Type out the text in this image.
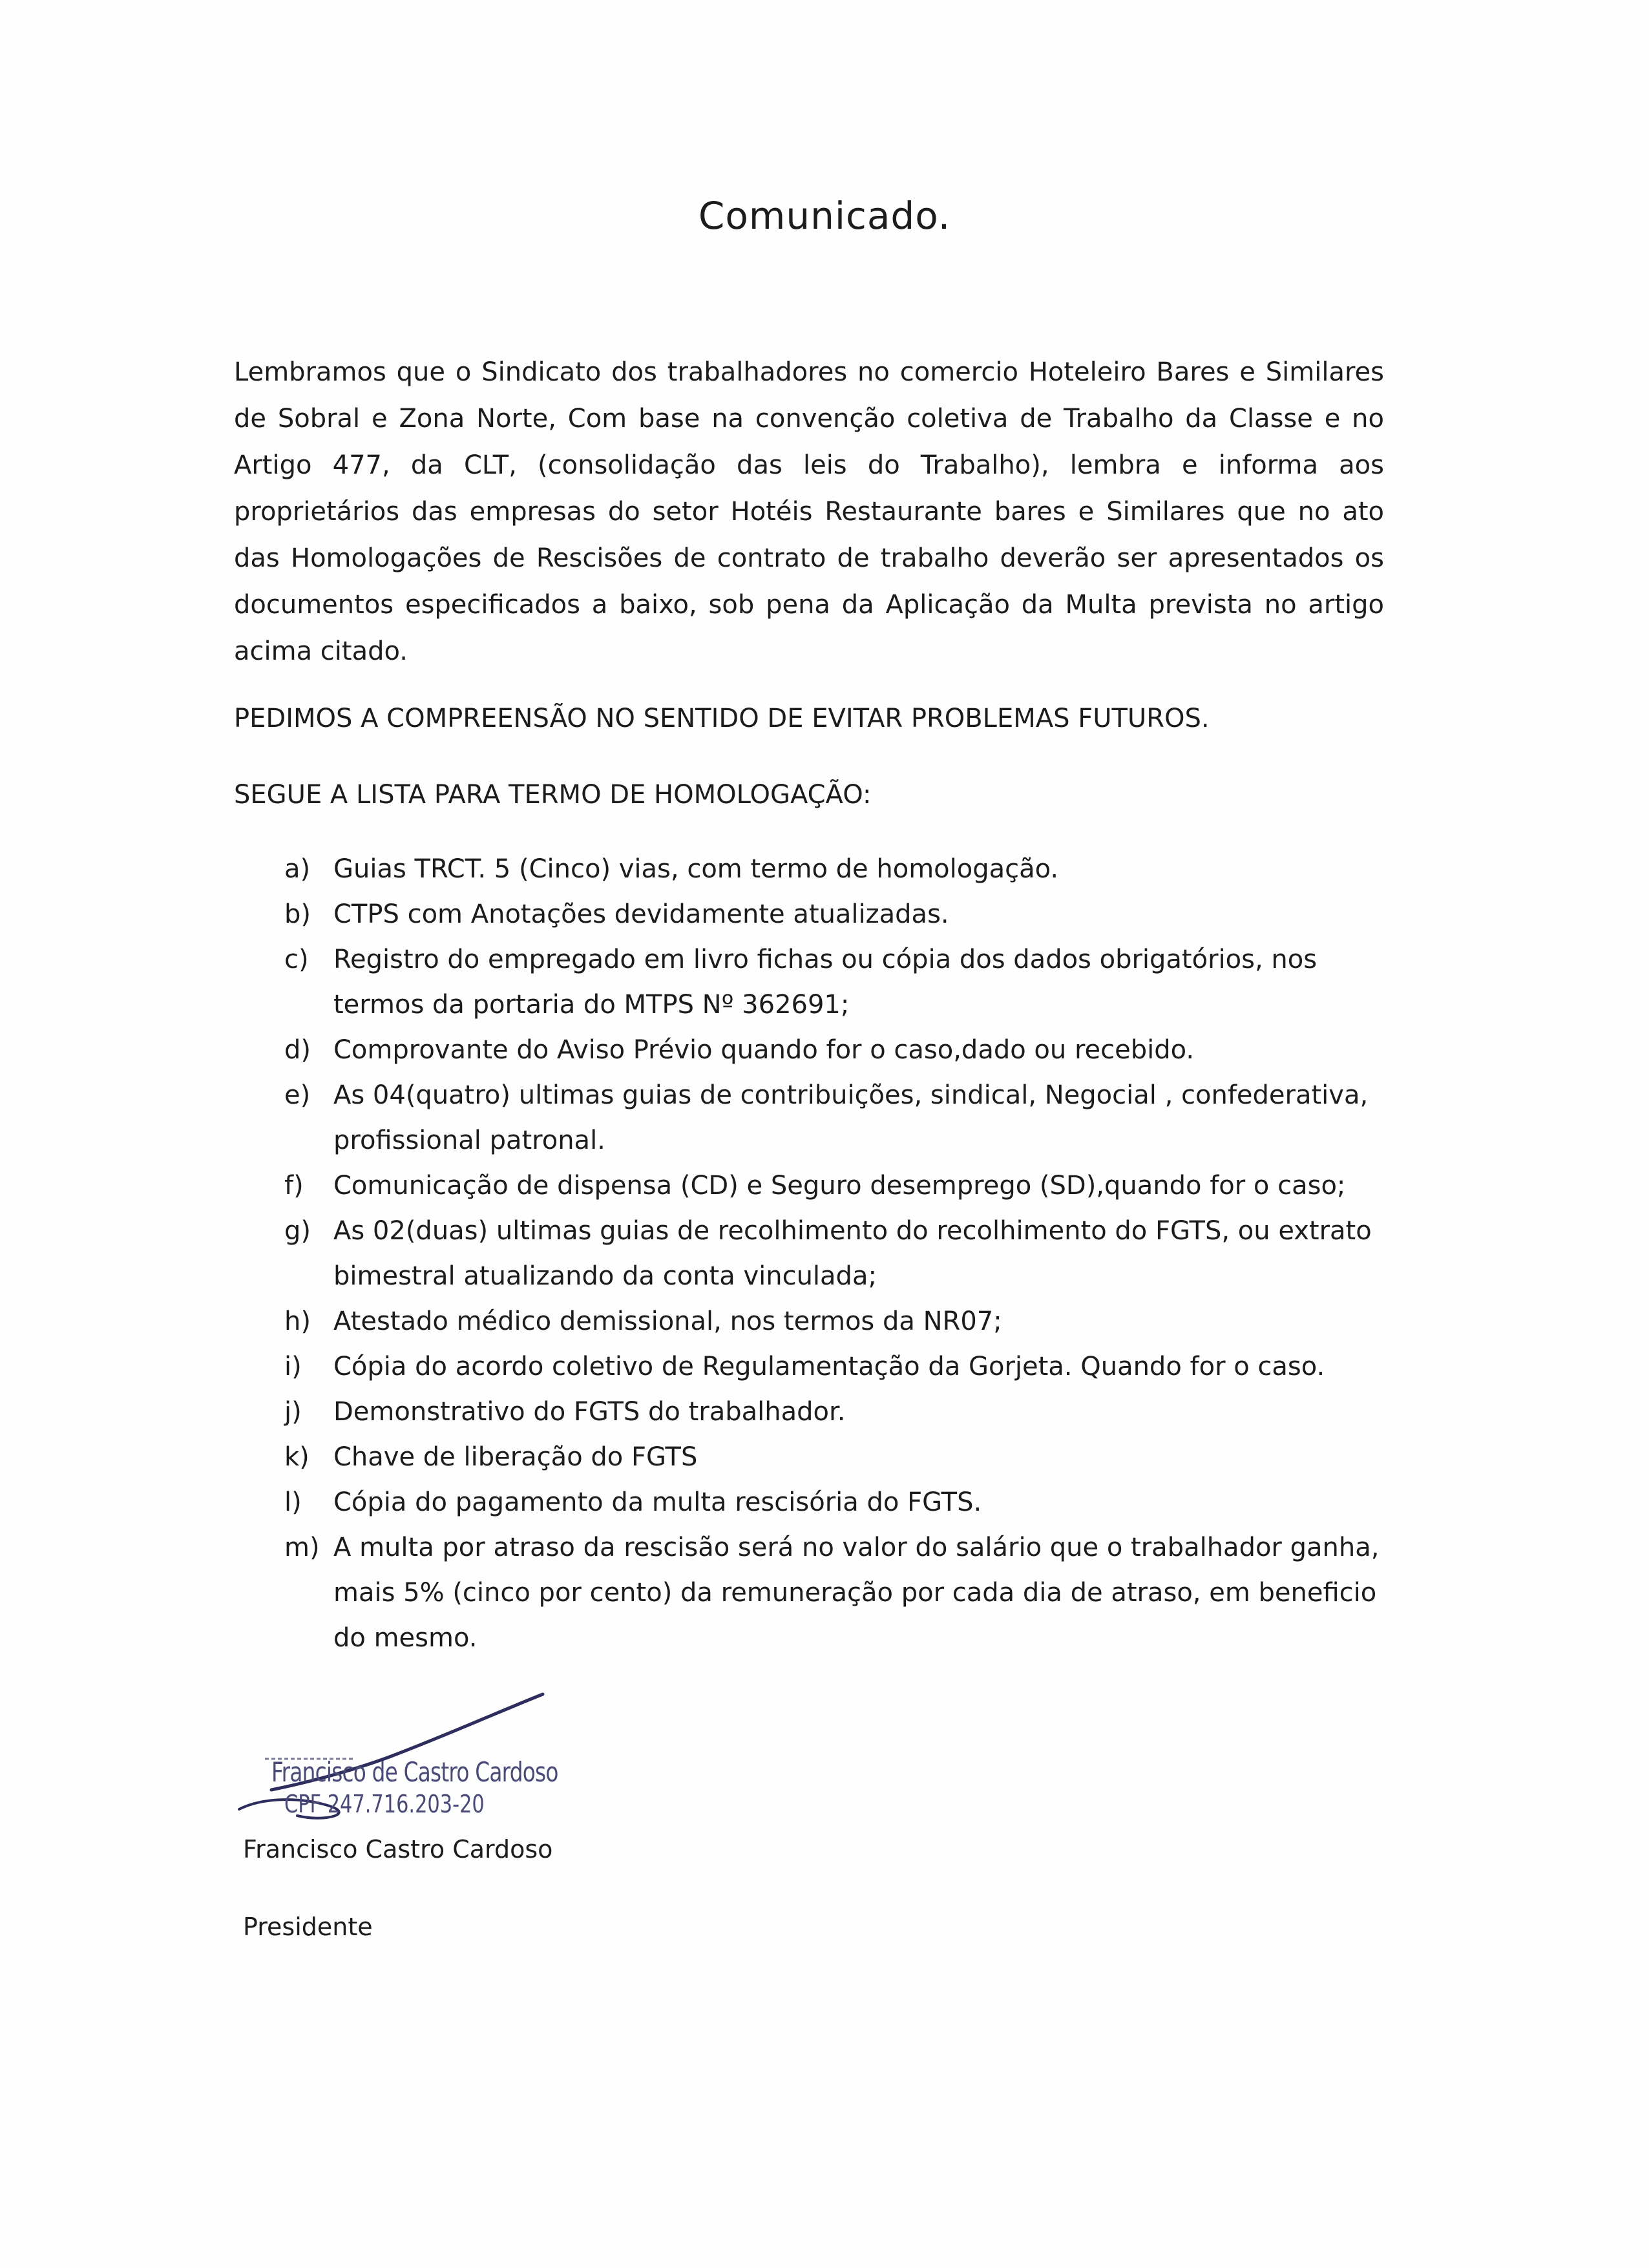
Comunicado.

Lembramos que o Sindicato dos trabalhadores no comercio Hoteleiro Bares e Similares de Sobral e Zona Norte, Com base na convenção coletiva de Trabalho da Classe e no Artigo 477, da CLT, (consolidação das leis do Trabalho), lembra e informa aos proprietários das empresas do setor Hotéis Restaurante bares e Similares que no ato das Homologações de Rescisões de contrato de trabalho deverão ser apresentados os documentos especificados a baixo, sob pena da Aplicação da Multa prevista no artigo acima citado.

PEDIMOS A COMPREENSÃO NO SENTIDO DE EVITAR PROBLEMAS FUTUROS.
SEGUE A LISTA PARA TERMO DE HOMOLOGAÇÃO:
a) Guias TRCT. 5 (Cinco) vias, com termo de homologação.
b) CTPS com Anotações devidamente atualizadas.
c) Registro do empregado em livro fichas ou cópia dos dados obrigatórios, nos termos da portaria do MTPS Nº 362691;
d) Comprovante do Aviso Prévio quando for o caso,dado ou recebido.
e) As 04(quatro) ultimas guias de contribuições, sindical, Negocial , confederativa, profissional patronal.
f) Comunicação de dispensa (CD) e Seguro desemprego (SD),quando for o caso;
g) As 02(duas) ultimas guias de recolhimento do recolhimento do FGTS, ou extrato bimestral atualizando da conta vinculada;
h) Atestado médico demissional, nos termos da NR07;
i) Cópia do acordo coletivo de Regulamentação da Gorjeta. Quando for o caso.
j) Demonstrativo do FGTS do trabalhador.
k) Chave de liberação do FGTS
l) Cópia do pagamento da multa rescisória do FGTS.
m) A multa por atraso da rescisão será no valor do salário que o trabalhador ganha, mais 5% (cinco por cento) da remuneração por cada dia de atraso, em beneficio do mesmo.
Francisco de Castro Cardoso
CPF 247.716.203-20
Francisco Castro Cardoso
Presidente
